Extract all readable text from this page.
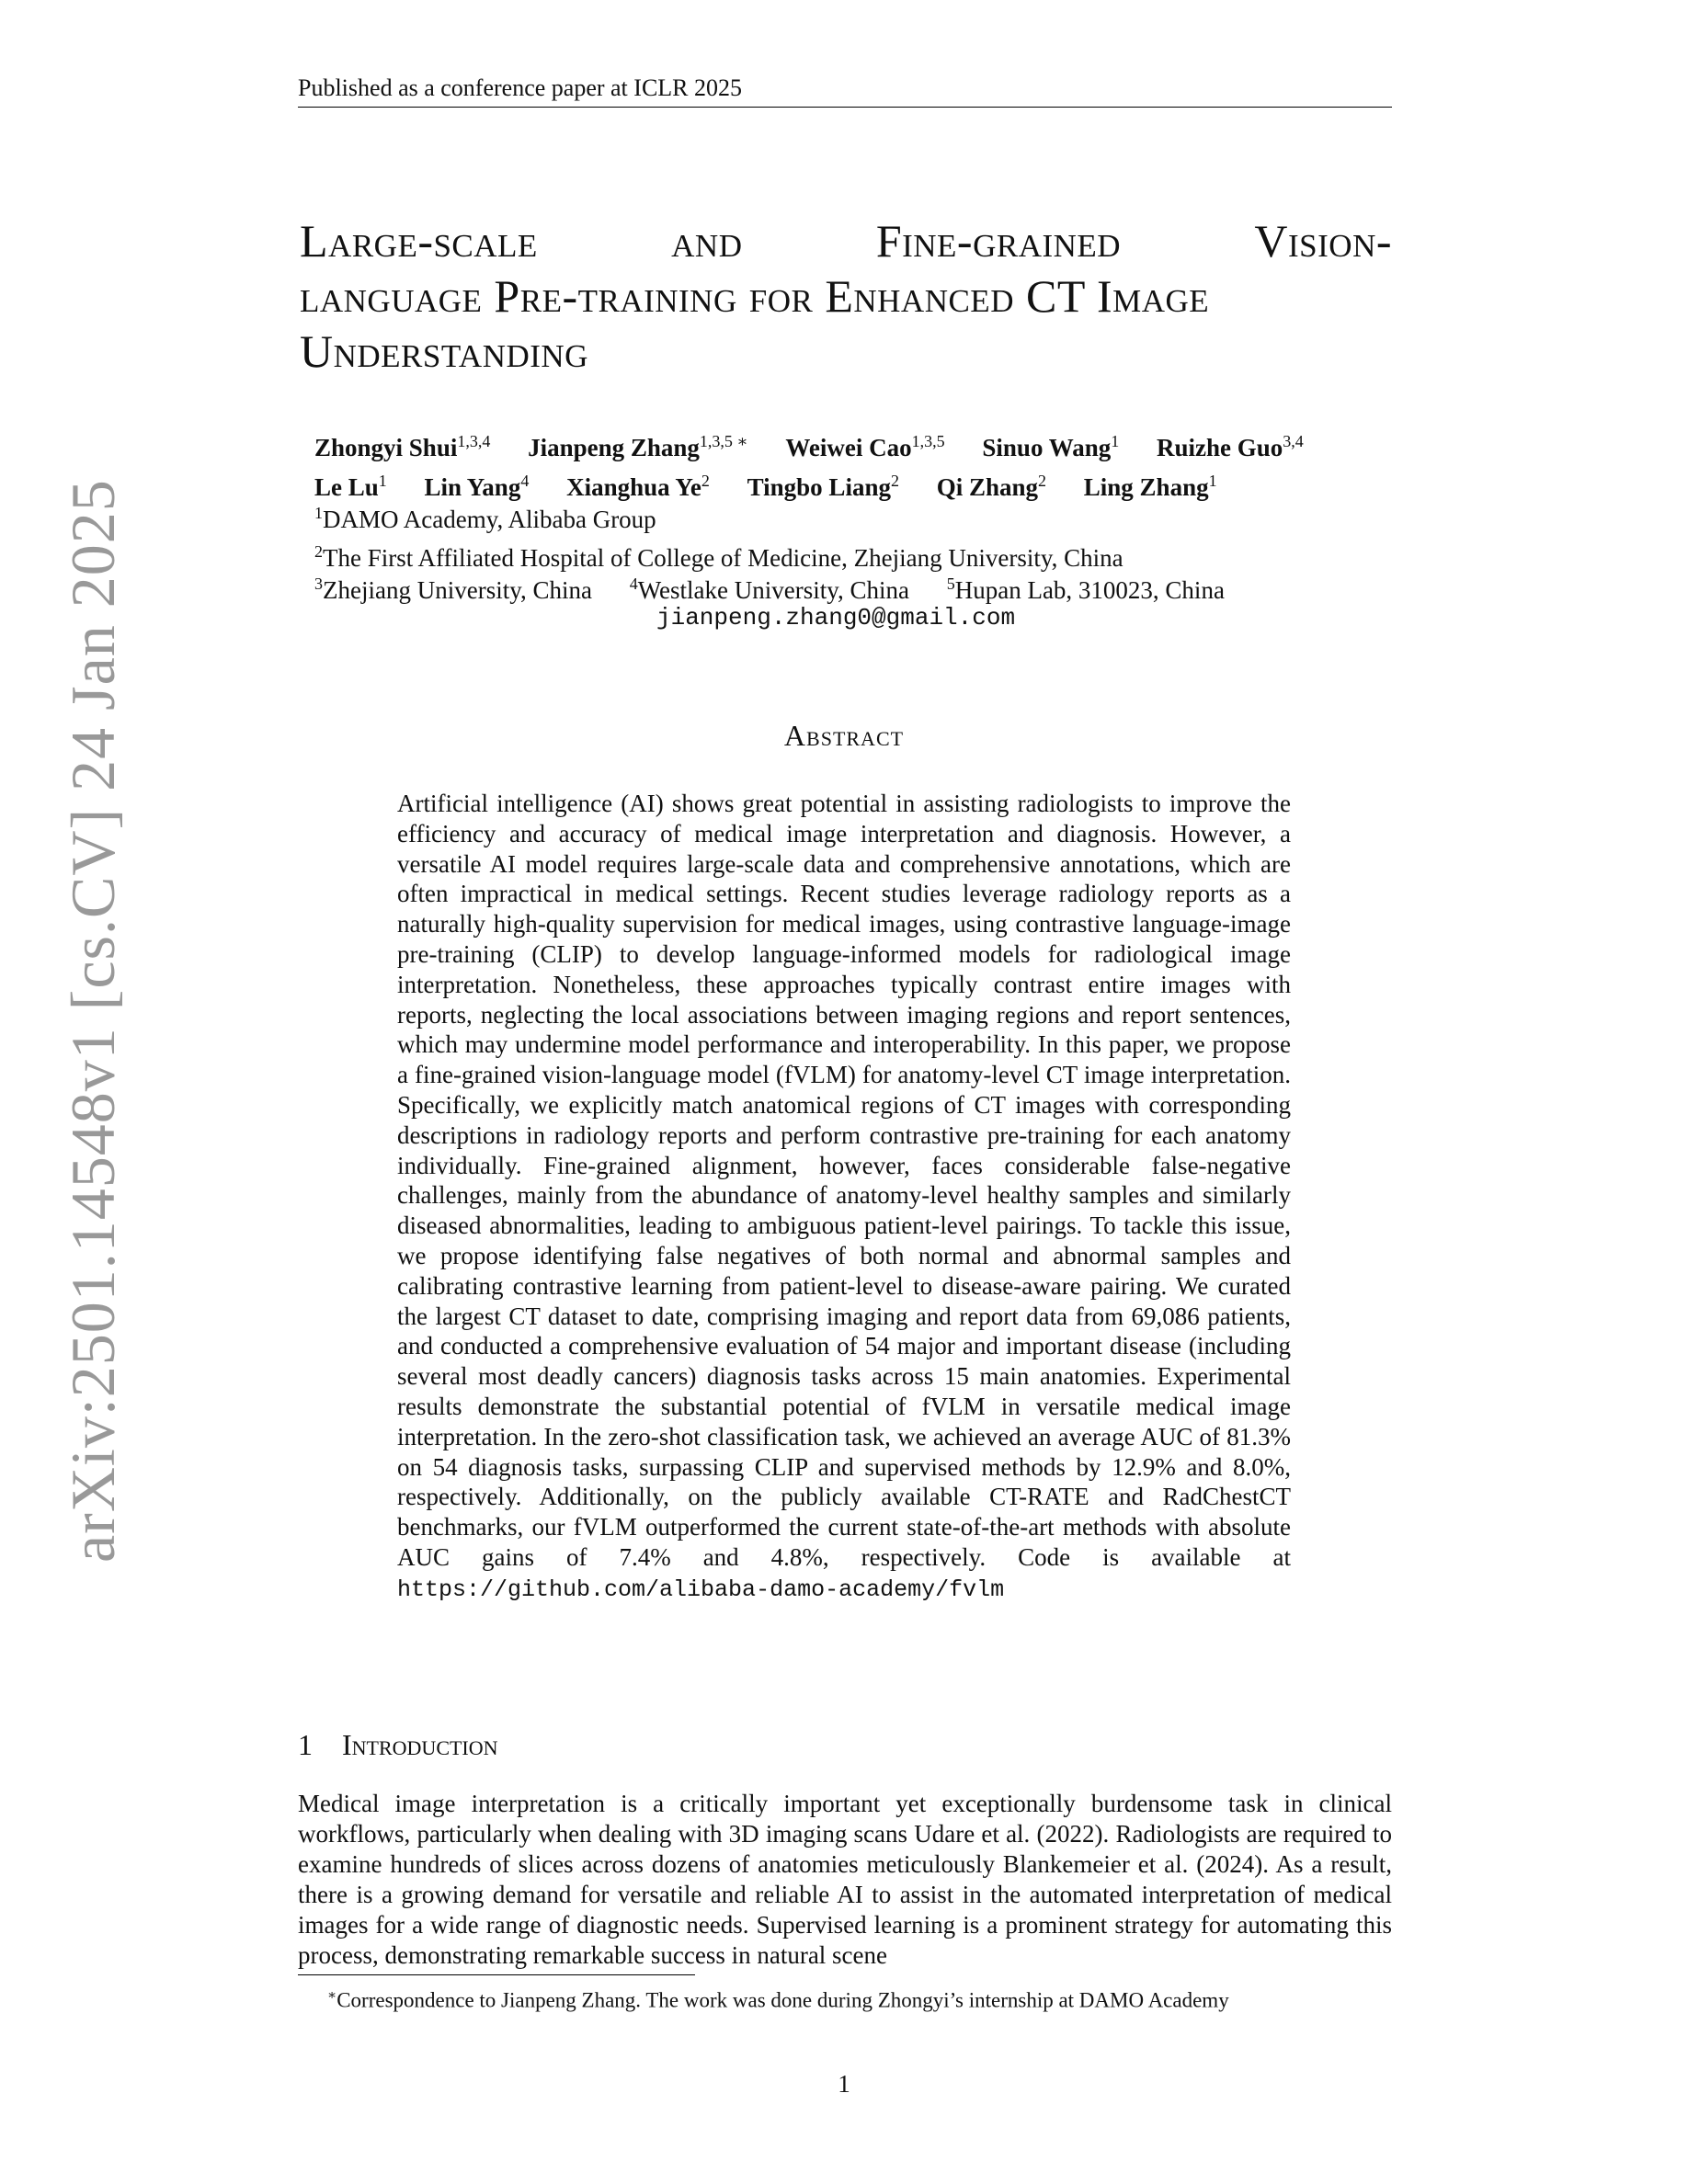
Published as a conference paper at ICLR 2025
arXiv:2501.14548v1 [cs.CV] 24 Jan 2025
Large-scale	and	Fine-grained	Vision-
language Pre-training for Enhanced CT Image
Understanding
Zhongyi Shui$^{1,3,4}$ Jianpeng Zhang$^{1,3,5 ∗}$ Weiwei Cao$^{1,3,5}$ Sinuo Wang$^1$ Ruizhe Guo$^{3,4}$
Le Lu$^1$ Lin Yang$^4$ Xianghua Ye$^2$ Tingbo Liang$^2$ Qi Zhang$^2$ Ling Zhang$^1$
$^1$DAMO Academy, Alibaba Group
$^2$The First Affiliated Hospital of College of Medicine, Zhejiang University, China
$^3$Zhejiang University, China $^4$Westlake University, China $^5$Hupan Lab, 310023, China
jianpeng.zhang0@gmail.com
Abstract
Artificial intelligence (AI) shows great potential in assisting radiologists to improve the efficiency and accuracy of medical image interpretation and diagnosis. However, a versatile AI model requires large-scale data and comprehensive annotations, which are often impractical in medical settings. Recent studies leverage radiology reports as a naturally high-quality supervision for medical images, using contrastive language-image pre-training (CLIP) to develop language-informed models for radiological image interpretation. Nonetheless, these approaches typically contrast entire images with reports, neglecting the local associations between imaging regions and report sentences, which may undermine model performance and interoperability. In this paper, we propose a fine-grained vision-language model (fVLM) for anatomy-level CT image interpretation. Specifically, we explicitly match anatomical regions of CT images with corresponding descriptions in radiology reports and perform contrastive pre-training for each anatomy individually. Fine-grained alignment, however, faces considerable false-negative challenges, mainly from the abundance of anatomy-level healthy samples and similarly diseased abnormalities, leading to ambiguous patient-level pairings. To tackle this issue, we propose identifying false negatives of both normal and abnormal samples and calibrating contrastive learning from patient-level to disease-aware pairing. We curated the largest CT dataset to date, comprising imaging and report data from 69,086 patients, and conducted a comprehensive evaluation of 54 major and important disease (including several most deadly cancers) diagnosis tasks across 15 main anatomies. Experimental results demonstrate the substantial potential of fVLM in versatile medical image interpretation. In the zero-shot classification task, we achieved an average AUC of 81.3% on 54 diagnosis tasks, surpassing CLIP and supervised methods by 12.9% and 8.0%, respectively. Additionally, on the publicly available CT-RATE and RadChestCT benchmarks, our fVLM outperformed the current state-of-the-art methods with absolute AUC gains of 7.4% and 4.8%, respectively. Code is available at https://github.com/alibaba-damo-academy/fvlm
1 Introduction
Medical image interpretation is a critically important yet exceptionally burdensome task in clinical workflows, particularly when dealing with 3D imaging scans Udare et al. (2022). Radiologists are required to examine hundreds of slices across dozens of anatomies meticulously Blankemeier et al. (2024). As a result, there is a growing demand for versatile and reliable AI to assist in the automated interpretation of medical images for a wide range of diagnostic needs. Supervised learning is a prominent strategy for automating this process, demonstrating remarkable success in natural scene
∗Correspondence to Jianpeng Zhang. The work was done during Zhongyi’s internship at DAMO Academy
1
